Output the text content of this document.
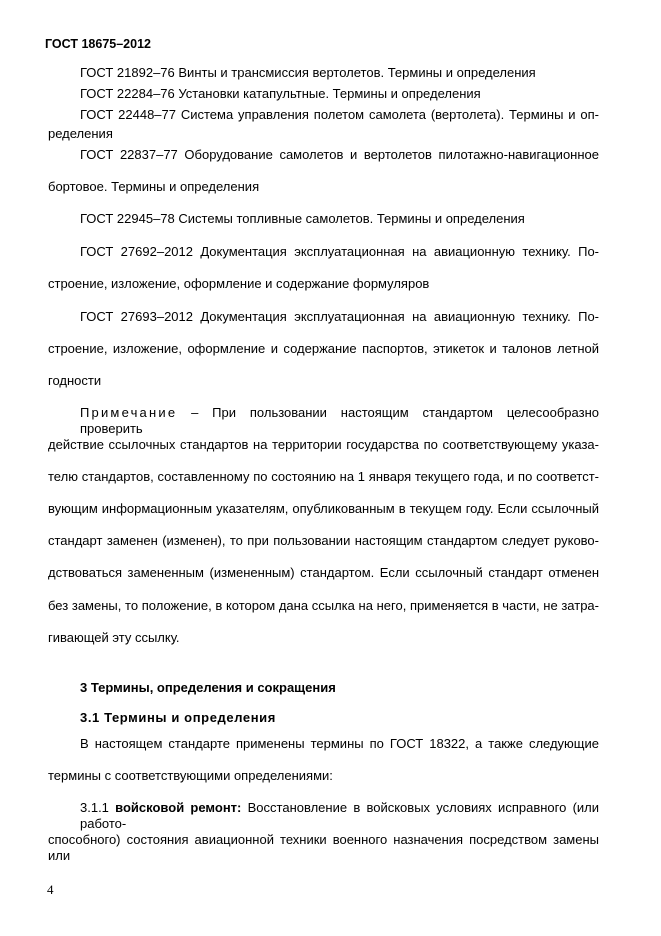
ГОСТ 18675–2012
ГОСТ 21892–76 Винты и трансмиссия вертолетов. Термины и определения
ГОСТ 22284–76 Установки катапультные. Термины и определения
ГОСТ 22448–77 Система управления полетом самолета (вертолета). Термины и оп-
ределения
ГОСТ 22837–77 Оборудование самолетов и вертолетов пилотажно-навигационное
бортовое. Термины и определения
ГОСТ 22945–78 Системы топливные самолетов. Термины и определения
ГОСТ 27692–2012 Документация эксплуатационная на авиационную технику. По-
строение, изложение, оформление и содержание формуляров
ГОСТ 27693–2012 Документация эксплуатационная на авиационную технику. По-
строение, изложение, оформление и содержание паспортов, этикеток и талонов летной
годности
Примечание – При пользовании настоящим стандартом целесообразно проверить
действие ссылочных стандартов на территории государства по соответствующему указа-
телю стандартов, составленному по состоянию на 1 января текущего года, и по соответст-
вующим информационным указателям, опубликованным в текущем году. Если ссылочный
стандарт заменен (изменен), то при пользовании настоящим стандартом следует руково-
дствоваться замененным (измененным) стандартом. Если ссылочный стандарт отменен
без замены, то положение, в котором дана ссылка на него, применяется в части, не затра-
гивающей эту ссылку.
3 Термины, определения и сокращения
3.1 Термины и определения
В настоящем стандарте применены термины по ГОСТ 18322, а также следующие
термины с соответствующими определениями:
3.1.1 войсковой ремонт: Восстановление в войсковых условиях исправного (или работо-
способного) состояния авиационной техники военного назначения посредством замены или
4
